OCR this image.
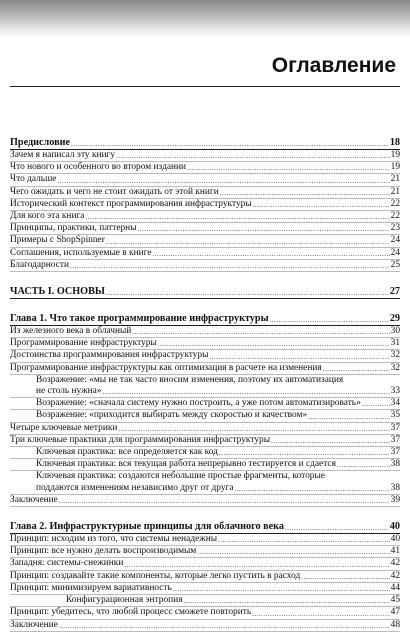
Оглавление
Предисловие .....	18
Зачем я написал эту книгу .....	19
Что нового и особенного во втором издании .....	19
Что дальше .....	21
Чего ожидать и чего не стоит ожидать от этой книги .....	21
Исторический контекст программирования инфраструктуры .....	22
Для кого эта книга .....	22
Принципы, практики, паттерны .....	23
Примеры с ShopSpinner .....	24
Соглашения, используемые в книге .....	24
Благодарности .....	25
ЧАСТЬ I. ОСНОВЫ .....	27
Глава 1. Что такое программирование инфраструктуры .....	29
Из железного века в облачный .....	30
Программирование инфраструктуры .....	31
Достоинства программирования инфраструктуры .....	32
Программирование инфраструктуры как оптимизация в расчете на изменения .....	32
Возражение: «мы не так часто вносим изменения, поэтому их автоматизация
не столь нужна» .....	33
Возражение: «сначала систему нужно построить, а уже потом автоматизировать» .....	34
Возражение: «приходится выбирать между скоростью и качеством» .....	35
Четыре ключевые метрики .....	37
Три ключевые практики для программирования инфраструктуры .....	37
Ключевая практика: все определяется как код .....	37
Ключевая практика: вся текущая работа непрерывно тестируется и сдается .....	38
Ключевая практика: создаются небольшие простые фрагменты, которые
поддаются изменениям независимо друг от друга .....	38
Заключение .....	39
Глава 2. Инфраструктурные принципы для облачного века .....	40
Принцип: исходим из того, что системы ненадежны .....	40
Принцип: все нужно делать воспроизводимым .....	41
Западня: системы-снежинки .....	42
Принцип: создавайте такие компоненты, которые легко пустить в расход .....	42
Принцип: минимизируем вариативность .....	44
Конфигурационная энтропия .....	45
Принцип: убедитесь, что любой процесс сможете повторить .....	47
Заключение .....	48
